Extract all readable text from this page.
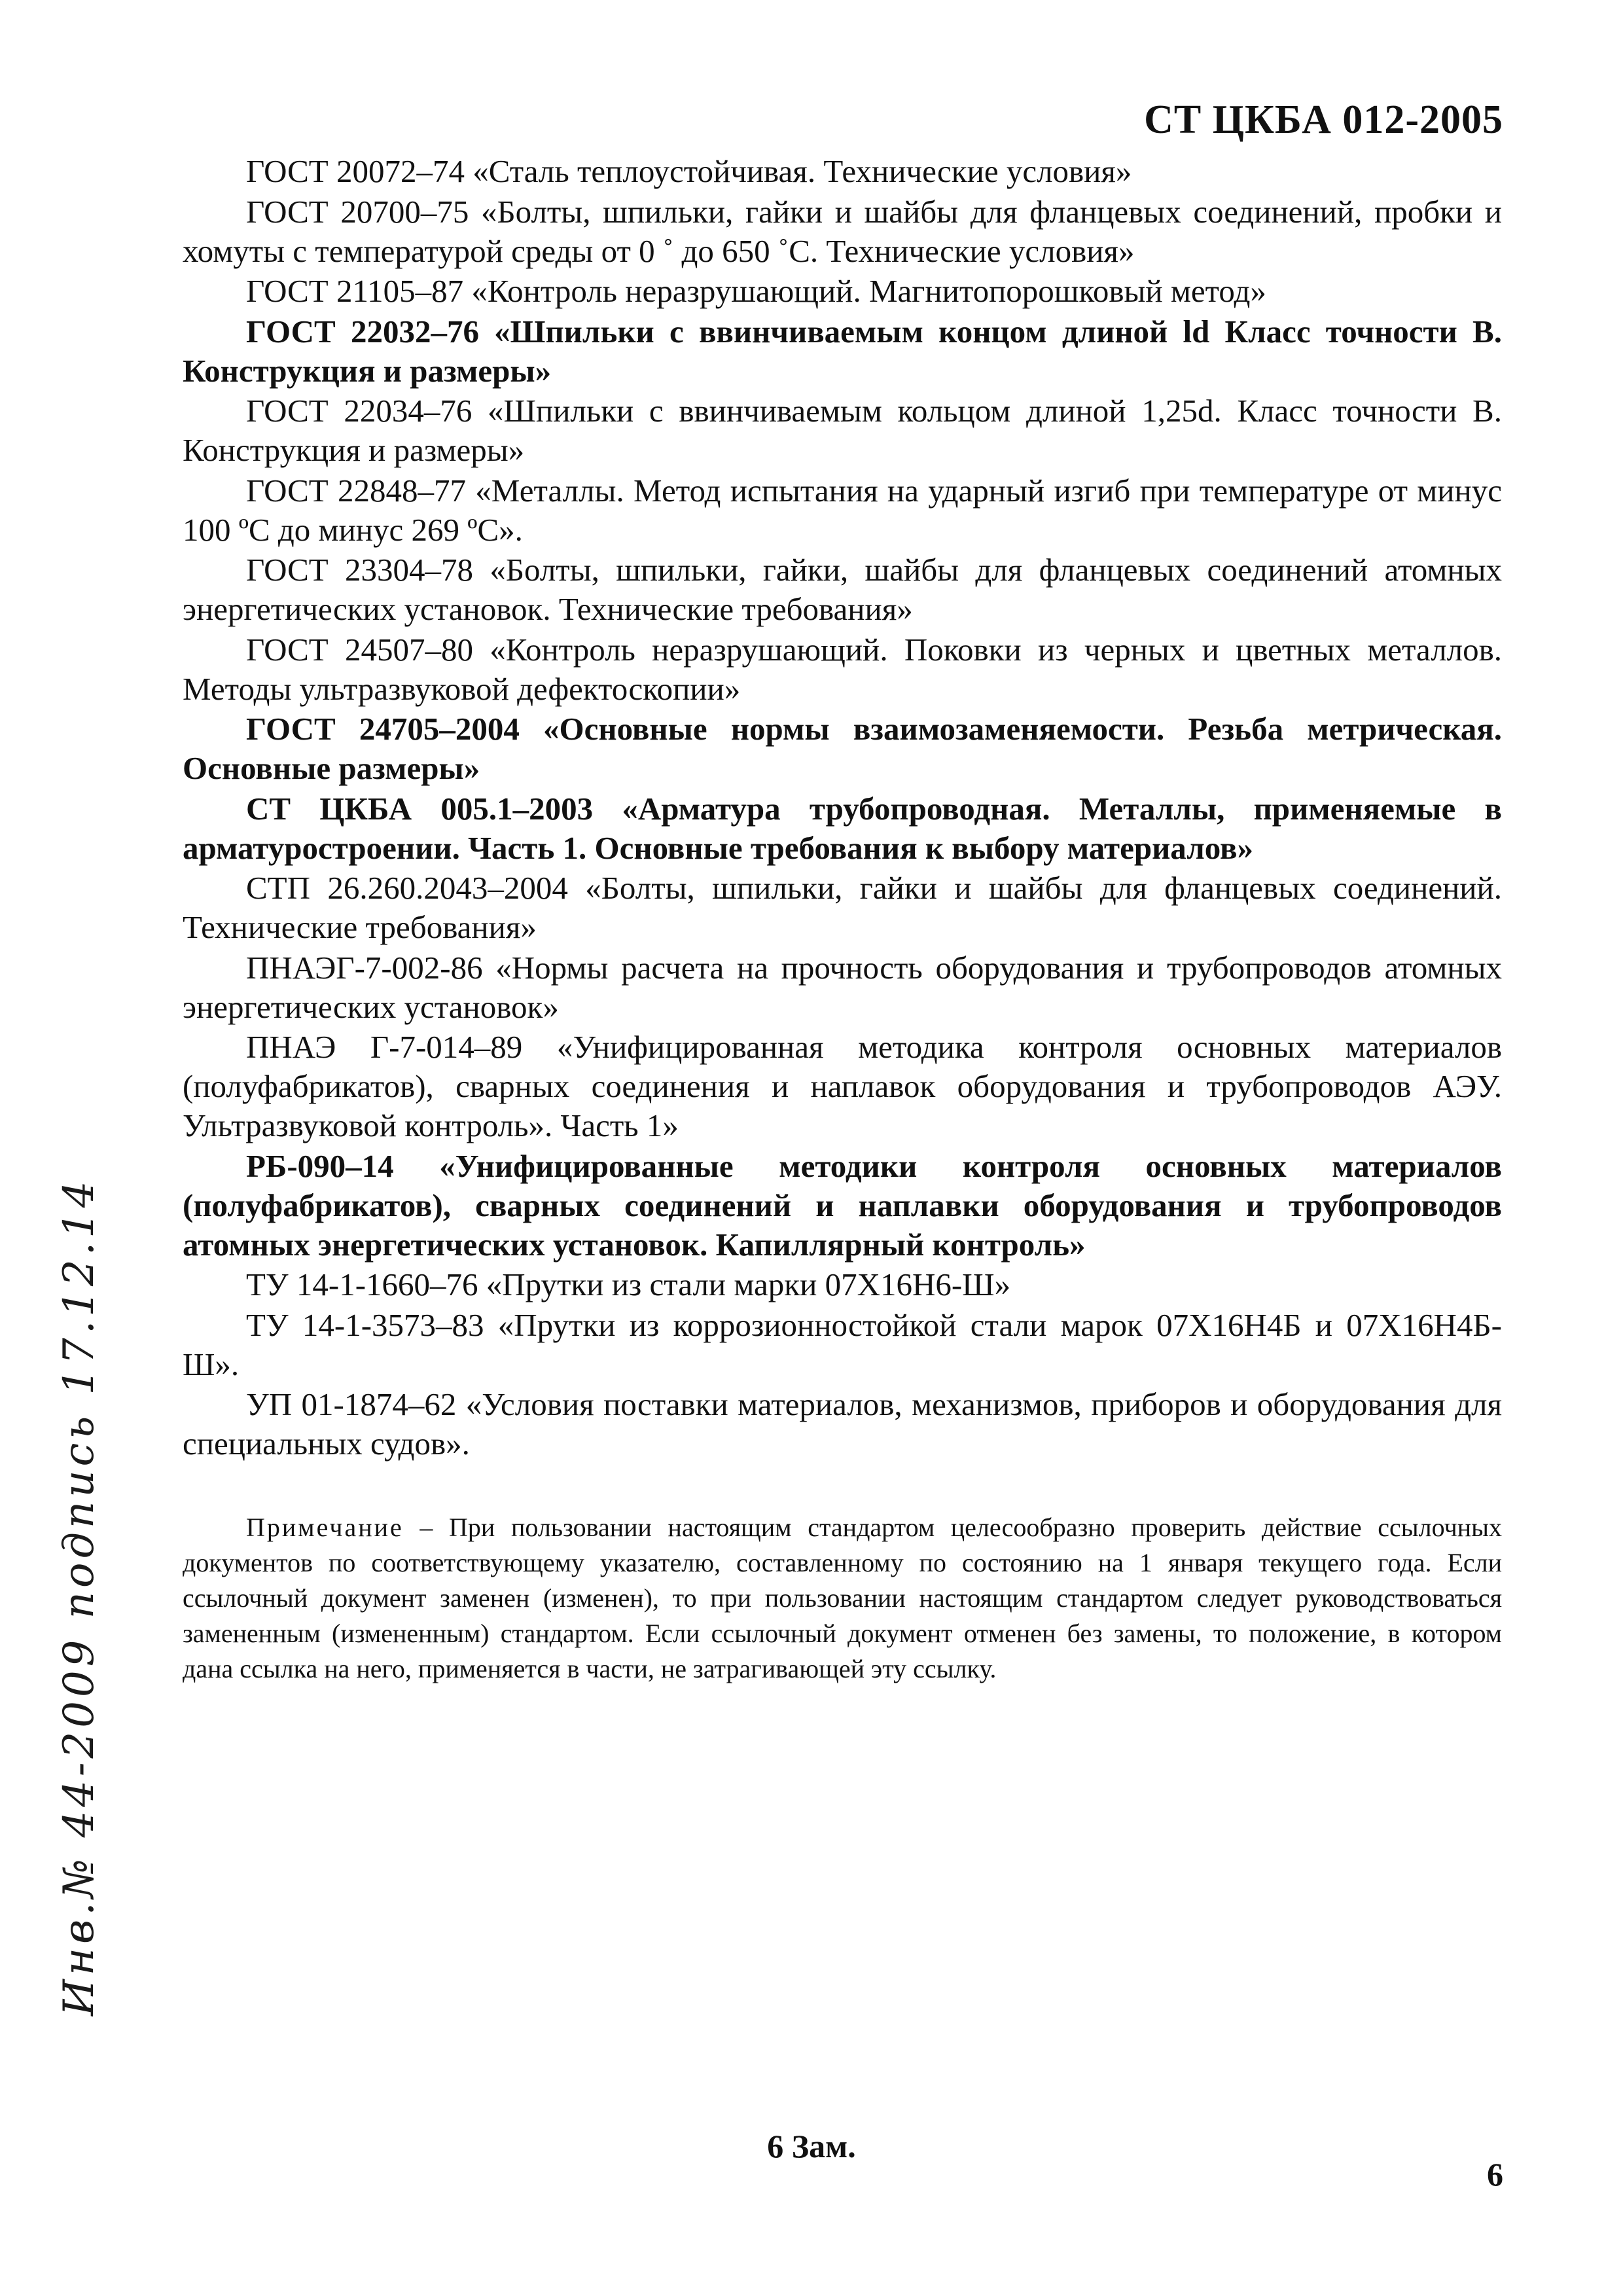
СТ ЦКБА 012-2005

ГОСТ 20072–74 «Сталь теплоустойчивая. Технические условия»

ГОСТ 20700–75 «Болты, шпильки, гайки и шайбы для фланцевых соединений, пробки и хомуты с температурой среды от 0 ˚ до 650 ˚С. Технические условия»

ГОСТ 21105–87 «Контроль неразрушающий. Магнитопорошковый метод»

ГОСТ 22032–76 «Шпильки с ввинчиваемым концом длиной ld Класс точности В. Конструкция и размеры»

ГОСТ 22034–76 «Шпильки с ввинчиваемым кольцом длиной 1,25d. Класс точности В. Конструкция и размеры»

ГОСТ 22848–77 «Металлы. Метод испытания на ударный изгиб при температуре от минус 100 ºС до минус 269 ºС».

ГОСТ 23304–78 «Болты, шпильки, гайки, шайбы для фланцевых соединений атомных энергетических установок. Технические требования»

ГОСТ 24507–80 «Контроль неразрушающий. Поковки из черных и цветных металлов. Методы ультразвуковой дефектоскопии»

ГОСТ 24705–2004 «Основные нормы взаимозаменяемости. Резьба метрическая. Основные размеры»

СТ ЦКБА 005.1–2003 «Арматура трубопроводная. Металлы, применяемые в арматуростроении. Часть 1. Основные требования к выбору материалов»

СТП 26.260.2043–2004 «Болты, шпильки, гайки и шайбы для фланцевых соединений. Технические требования»

ПНАЭГ-7-002-86 «Нормы расчета на прочность оборудования и трубопроводов атомных энергетических установок»

ПНАЭ Г-7-014–89 «Унифицированная методика контроля основных материалов (полуфабрикатов), сварных соединения и наплавок оборудования и трубопроводов АЭУ. Ультразвуковой контроль». Часть 1»

РБ-090–14 «Унифицированные методики контроля основных материалов (полуфабрикатов), сварных соединений и наплавки оборудования и трубопроводов атомных энергетических установок. Капиллярный контроль»

ТУ 14-1-1660–76 «Прутки из стали марки 07Х16Н6-Ш»

ТУ 14-1-3573–83 «Прутки из коррозионностойкой стали марок 07Х16Н4Б и 07Х16Н4Б-Ш».

УП 01-1874–62 «Условия поставки материалов, механизмов, приборов и оборудования для специальных судов».

Примечание – При пользовании настоящим стандартом целесообразно проверить действие ссылочных документов по соответствующему указателю, составленному по состоянию на 1 января текущего года. Если ссылочный документ заменен (изменен), то при пользовании настоящим стандартом следует руководствоваться замененным (измененным) стандартом. Если ссылочный документ отменен без замены, то положение, в котором дана ссылка на него, применяется в части, не затрагивающей эту ссылку.
Инв.№ 44-2009 подпись 17.12.14
6 Зам.
6
